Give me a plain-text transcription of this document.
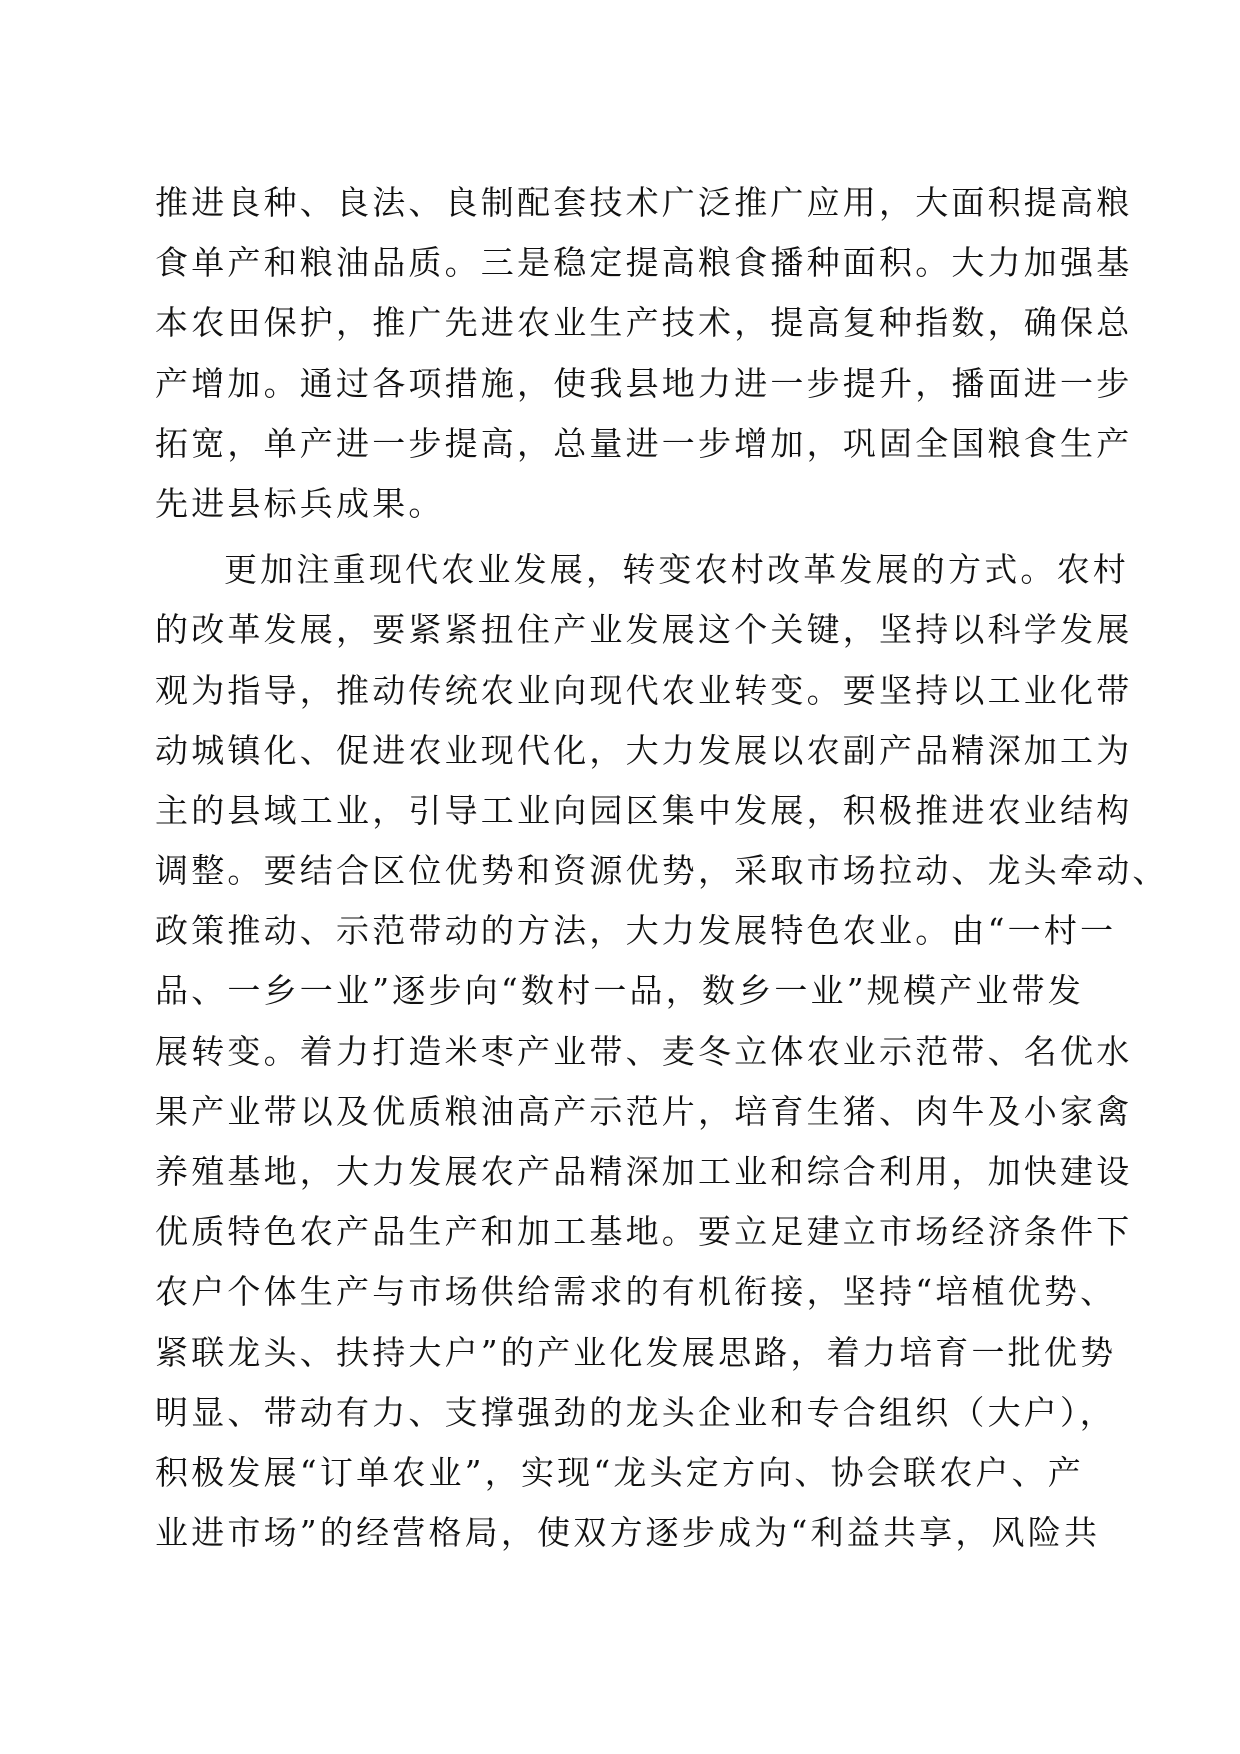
推进良种、良法、良制配套技术广泛推广应用，大面积提高粮
食单产和粮油品质。三是稳定提高粮食播种面积。大力加强基
本农田保护，推广先进农业生产技术，提高复种指数，确保总
产增加。通过各项措施，使我县地力进一步提升，播面进一步
拓宽，单产进一步提高，总量进一步增加，巩固全国粮食生产
先进县标兵成果。
更加注重现代农业发展，转变农村改革发展的方式。农村
的改革发展，要紧紧扭住产业发展这个关键，坚持以科学发展
观为指导，推动传统农业向现代农业转变。要坚持以工业化带
动城镇化、促进农业现代化，大力发展以农副产品精深加工为
主的县域工业，引导工业向园区集中发展，积极推进农业结构
调整。要结合区位优势和资源优势，采取市场拉动、龙头牵动、
政策推动、示范带动的方法，大力发展特色农业。由“一村一
品、一乡一业”逐步向“数村一品，数乡一业”规模产业带发
展转变。着力打造米枣产业带、麦冬立体农业示范带、名优水
果产业带以及优质粮油高产示范片，培育生猪、肉牛及小家禽
养殖基地，大力发展农产品精深加工业和综合利用，加快建设
优质特色农产品生产和加工基地。要立足建立市场经济条件下
农户个体生产与市场供给需求的有机衔接，坚持“培植优势、
紧联龙头、扶持大户”的产业化发展思路，着力培育一批优势
明显、带动有力、支撑强劲的龙头企业和专合组织（大户），
积极发展“订单农业”，实现“龙头定方向、协会联农户、产
业进市场”的经营格局，使双方逐步成为“利益共享，风险共
